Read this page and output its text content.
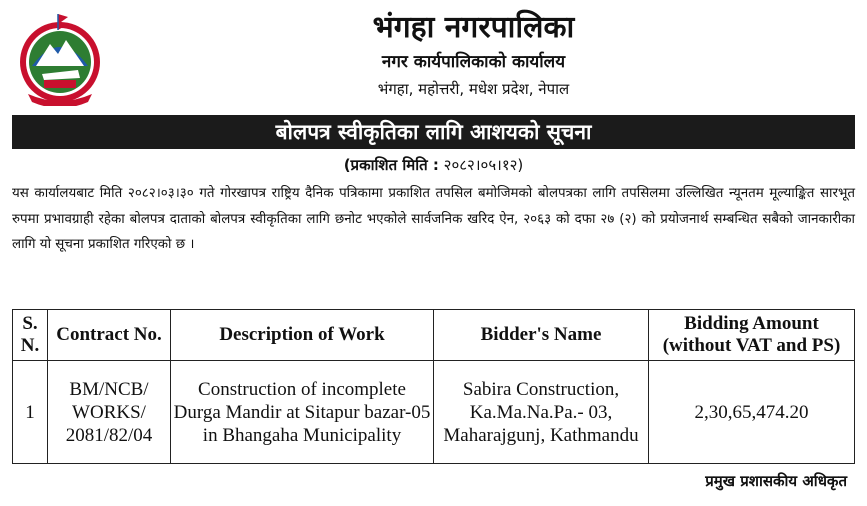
भंगहा नगरपालिका
नगर कार्यपालिकाको कार्यालय
भंगहा, महोत्तरी, मधेश प्रदेश, नेपाल
बोलपत्र स्वीकृतिका लागि आशयको सूचना
(प्रकाशित मिति : २०८२।०५।१२)
यस कार्यालयबाट मिति २०८२।०३।३० गते गोरखापत्र राष्ट्रिय दैनिक पत्रिकामा प्रकाशित तपसिल बमोजिमको बोलपत्रका लागि तपसिलमा उल्लिखित न्यूनतम मूल्याङ्कित सारभूत रुपमा प्रभावग्राही रहेका बोलपत्र दाताको बोलपत्र स्वीकृतिका लागि छनोट भएकोले सार्वजनिक खरिद ऐन, २०६३ को दफा २७ (२) को प्रयोजनार्थ सम्बन्धित सबैको जानकारीका लागि यो सूचना प्रकाशित गरिएको छ ।
S. N.	Contract No.	Description of Work	Bidder's Name	Bidding Amount (without VAT and PS)
1	BM/NCB/ WORKS/ 2081/82/04	Construction of incomplete Durga Mandir at Sitapur bazar-05 in Bhangaha Municipality	Sabira Construction, Ka.Ma.Na.Pa.- 03, Maharajgunj, Kathmandu	2,30,65,474.20
प्रमुख प्रशासकीय अधिकृत
